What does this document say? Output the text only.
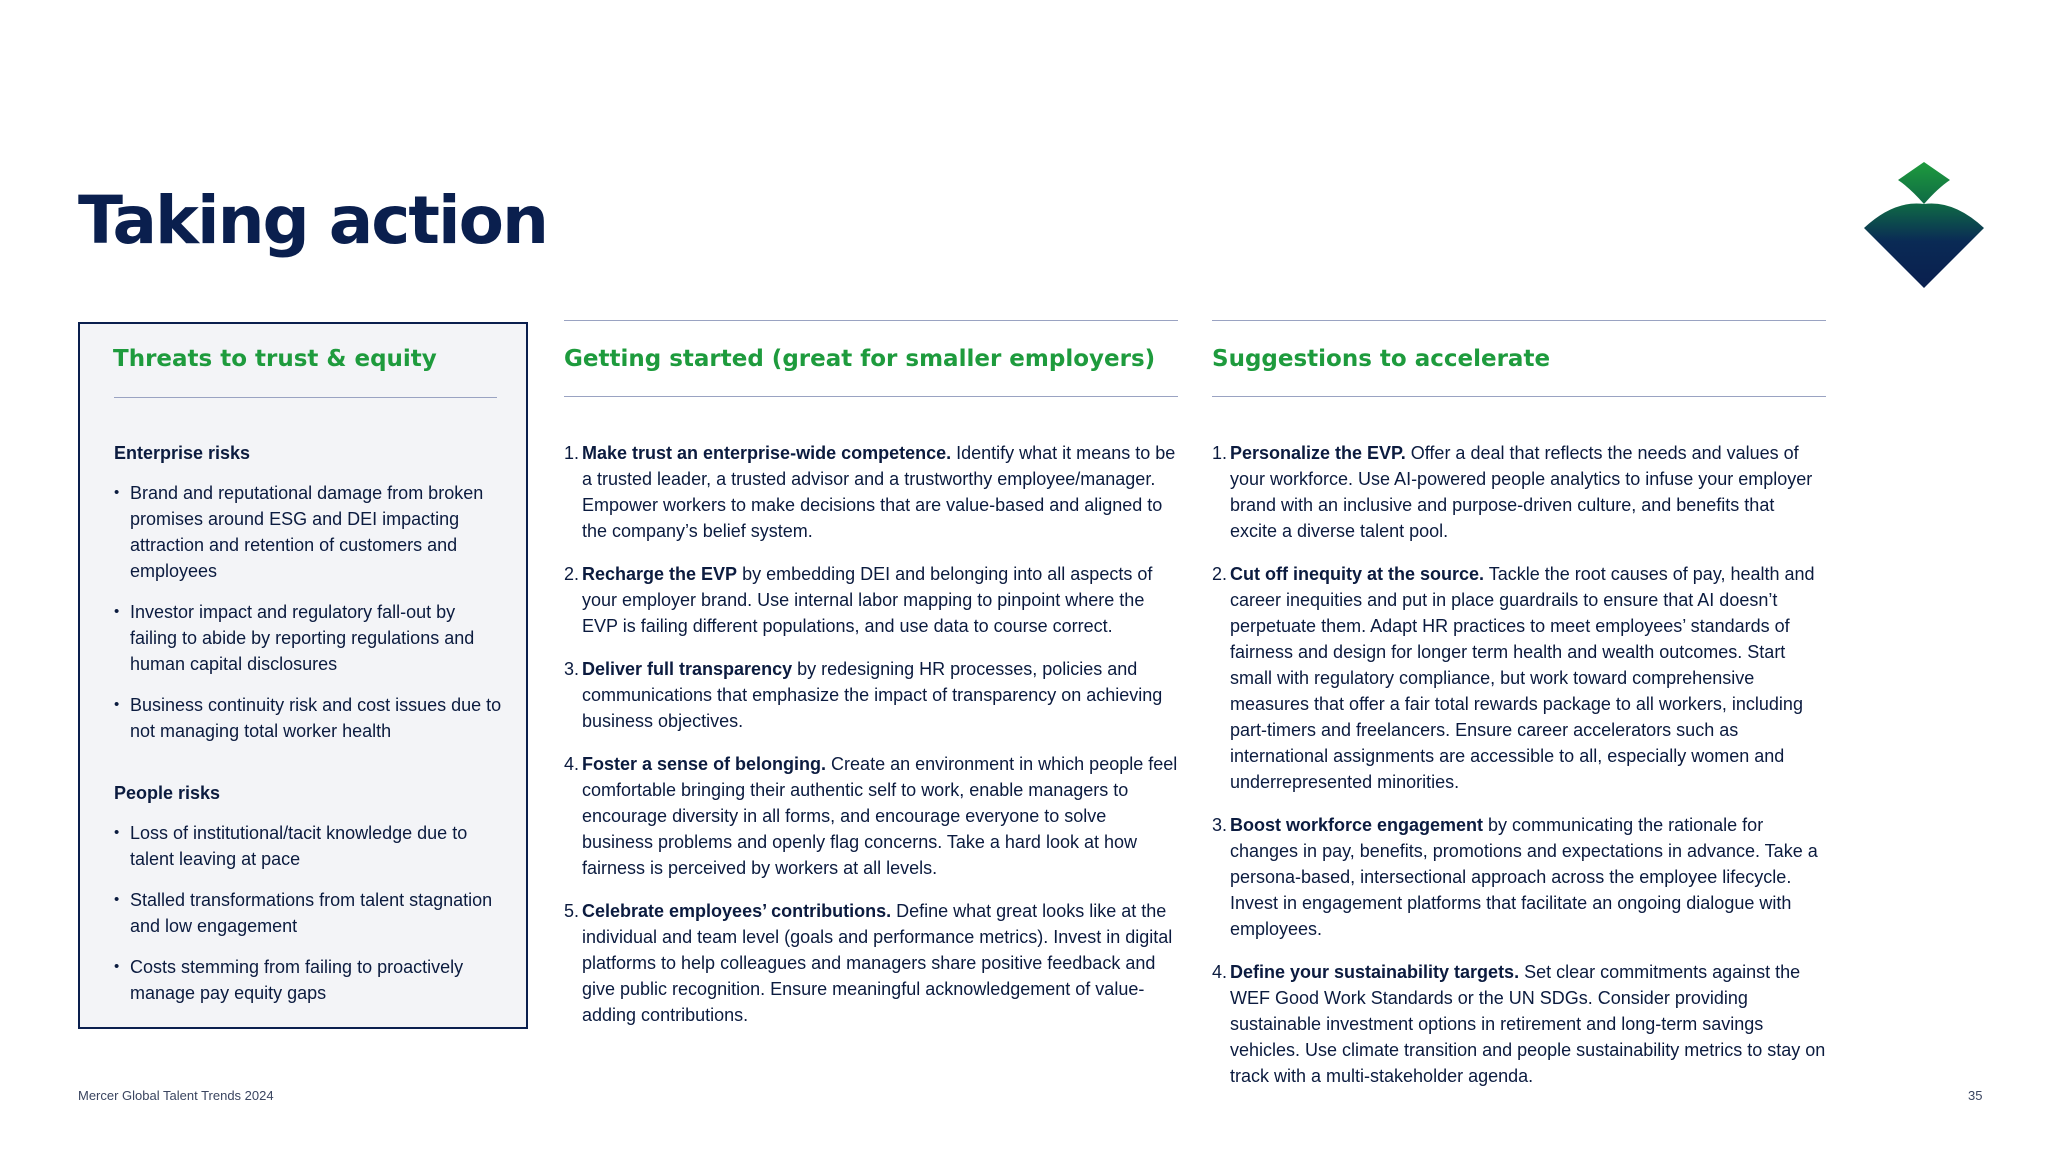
Taking action
Threats to trust & equity

Enterprise risks

• Brand and reputational damage from broken promises around ESG and DEI impacting attraction and retention of customers and employees
• Investor impact and regulatory fall-out by failing to abide by reporting regulations and human capital disclosures
• Business continuity risk and cost issues due to not managing total worker health

People risks

• Loss of institutional/tacit knowledge due to talent leaving at pace
• Stalled transformations from talent stagnation and low engagement
• Costs stemming from failing to proactively manage pay equity gaps
Getting started (great for smaller employers)
1. Make trust an enterprise-wide competence. Identify what it means to be a trusted leader, a trusted advisor and a trustworthy employee/manager. Empower workers to make decisions that are value-based and aligned to the company’s belief system.
2. Recharge the EVP by embedding DEI and belonging into all aspects of your employer brand. Use internal labor mapping to pinpoint where the EVP is failing different populations, and use data to course correct.
3. Deliver full transparency by redesigning HR processes, policies and communications that emphasize the impact of transparency on achieving business objectives.
4. Foster a sense of belonging. Create an environment in which people feel comfortable bringing their authentic self to work, enable managers to encourage diversity in all forms, and encourage everyone to solve business problems and openly flag concerns. Take a hard look at how fairness is perceived by workers at all levels.
5. Celebrate employees’ contributions. Define what great looks like at the individual and team level (goals and performance metrics). Invest in digital platforms to help colleagues and managers share positive feedback and give public recognition. Ensure meaningful acknowledgement of value-adding contributions.
Suggestions to accelerate
1. Personalize the EVP. Offer a deal that reflects the needs and values of your workforce. Use AI-powered people analytics to infuse your employer brand with an inclusive and purpose-driven culture, and benefits that excite a diverse talent pool.
2. Cut off inequity at the source. Tackle the root causes of pay, health and career inequities and put in place guardrails to ensure that AI doesn’t perpetuate them. Adapt HR practices to meet employees’ standards of fairness and design for longer term health and wealth outcomes. Start small with regulatory compliance, but work toward comprehensive measures that offer a fair total rewards package to all workers, including part-timers and freelancers. Ensure career accelerators such as international assignments are accessible to all, especially women and underrepresented minorities.
3. Boost workforce engagement by communicating the rationale for changes in pay, benefits, promotions and expectations in advance. Take a persona-based, intersectional approach across the employee lifecycle. Invest in engagement platforms that facilitate an ongoing dialogue with employees.
4. Define your sustainability targets. Set clear commitments against the WEF Good Work Standards or the UN SDGs. Consider providing sustainable investment options in retirement and long-term savings vehicles. Use climate transition and people sustainability metrics to stay on track with a multi-stakeholder agenda.
Mercer Global Talent Trends 2024	35
